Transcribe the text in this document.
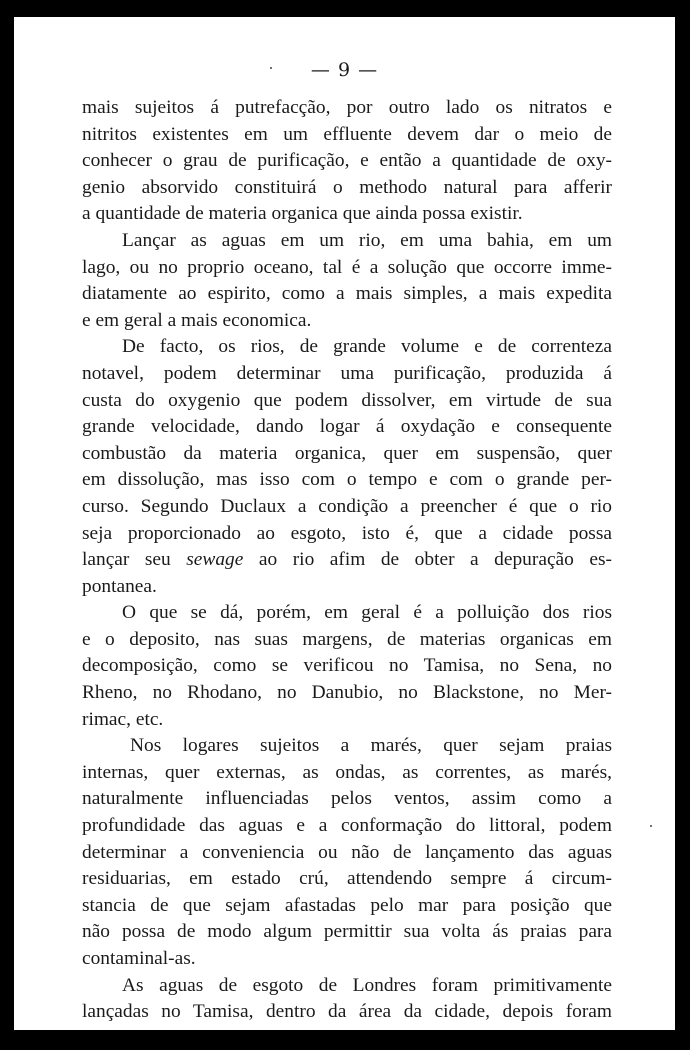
— 9 —
mais sujeitos á putrefacção, por outro lado os nitratos e
nitritos existentes em um effluente devem dar o meio de
conhecer o grau de purificação, e então a quantidade de oxy-
genio absorvido constituirá o methodo natural para afferir
a quantidade de materia organica que ainda possa existir.
Lançar as aguas em um rio, em uma bahia, em um
lago, ou no proprio oceano, tal é a solução que occorre imme-
diatamente ao espirito, como a mais simples, a mais expedita
e em geral a mais economica.
De facto, os rios, de grande volume e de correnteza
notavel, podem determinar uma purificação, produzida á
custa do oxygenio que podem dissolver, em virtude de sua
grande velocidade, dando logar á oxydação e consequente
combustão da materia organica, quer em suspensão, quer
em dissolução, mas isso com o tempo e com o grande per-
curso. Segundo Duclaux a condição a preencher é que o rio
seja proporcionado ao esgoto, isto é, que a cidade possa
lançar seu sewage ao rio afim de obter a depuração es-
pontanea.
O que se dá, porém, em geral é a polluição dos rios
e o deposito, nas suas margens, de materias organicas em
decomposição, como se verificou no Tamisa, no Sena, no
Rheno, no Rhodano, no Danubio, no Blackstone, no Mer-
rimac, etc.
Nos logares sujeitos a marés, quer sejam praias
internas, quer externas, as ondas, as correntes, as marés,
naturalmente influenciadas pelos ventos, assim como a
profundidade das aguas e a conformação do littoral, podem
determinar a conveniencia ou não de lançamento das aguas
residuarias, em estado crú, attendendo sempre á circum-
stancia de que sejam afastadas pelo mar para posição que
não possa de modo algum permittir sua volta ás praias para
contaminal-as.
As aguas de esgoto de Londres foram primitivamente
lançadas no Tamisa, dentro da área da cidade, depois foram
